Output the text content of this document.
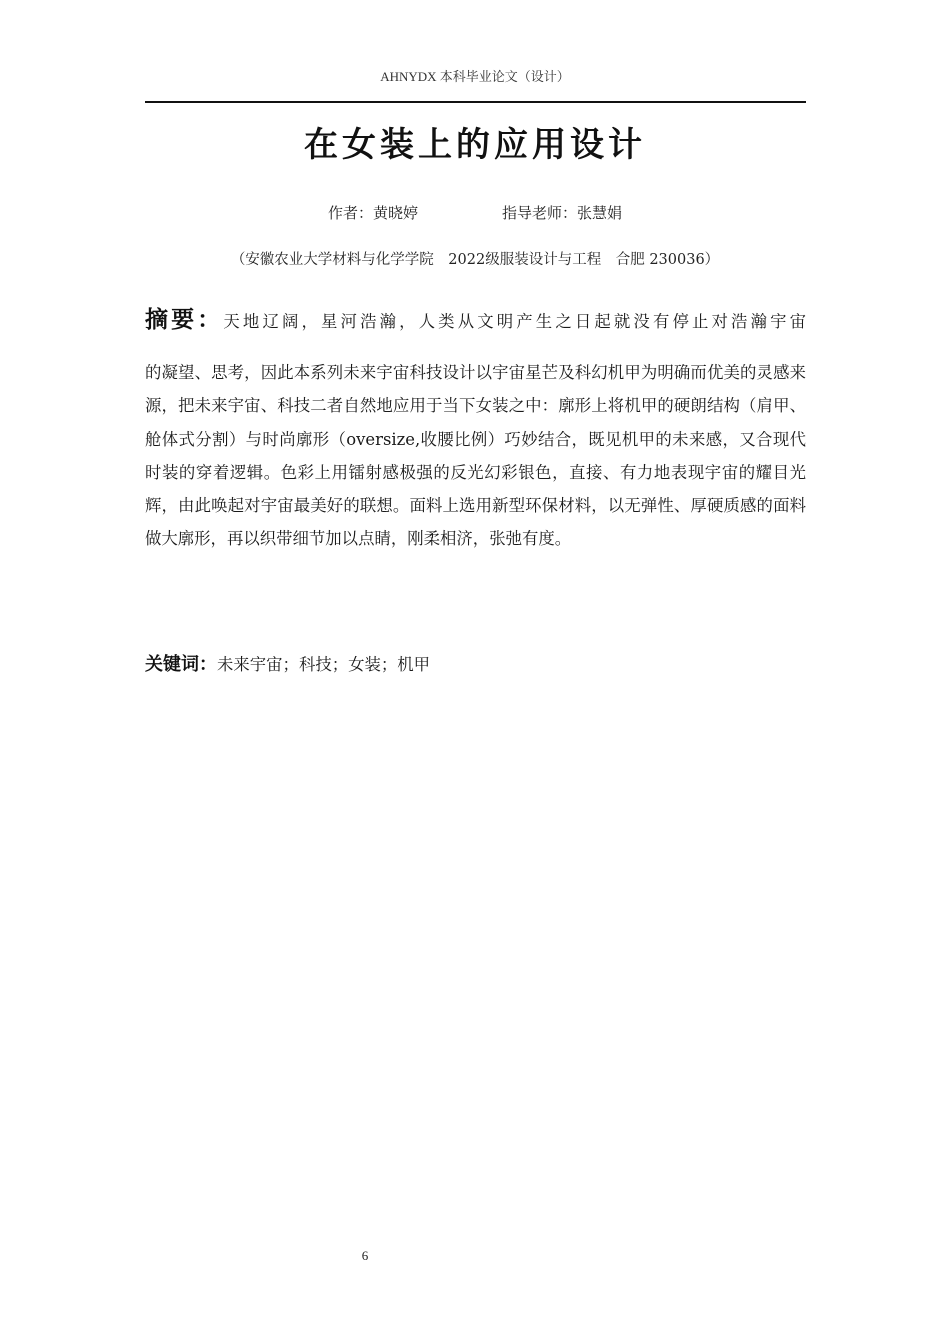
AHNYDX 本科毕业论文（设计）
在女装上的应用设计
作者：黄晓婷	指导老师：张慧娟
（安徽农业大学材料与化学学院　2022级服装设计与工程　合肥 230036）
摘要：天地辽阔，星河浩瀚，人类从文明产生之日起就没有停止对浩瀚宇宙
的凝望、思考，因此本系列未来宇宙科技设计以宇宙星芒及科幻机甲为明确而优美的灵感来源，把未来宇宙、科技二者自然地应用于当下女装之中：廓形上将机甲的硬朗结构（肩甲、舱体式分割）与时尚廓形（oversize,收腰比例）巧妙结合，既见机甲的未来感，又合现代时装的穿着逻辑。色彩上用镭射感极强的反光幻彩银色，直接、有力地表现宇宙的耀目光辉，由此唤起对宇宙最美好的联想。面料上选用新型环保材料，以无弹性、厚硬质感的面料做大廓形，再以织带细节加以点睛，刚柔相济，张弛有度。
关键词：未来宇宙；科技；女装；机甲
6
